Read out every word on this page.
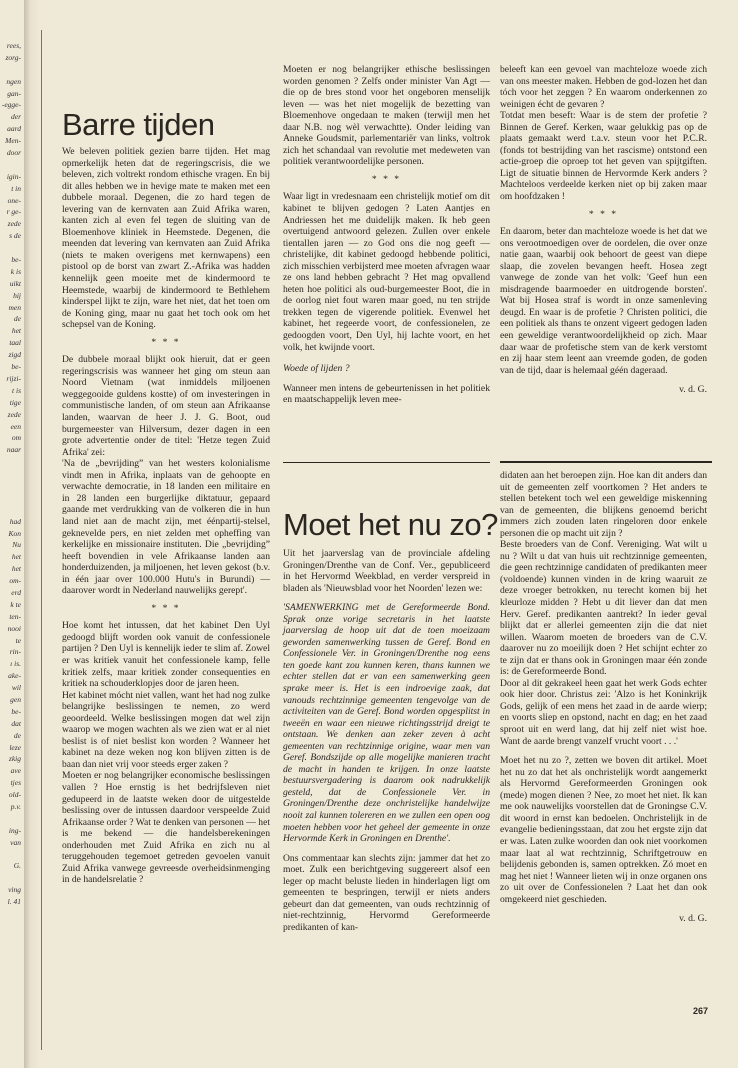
rees,
zorg-
ngen
gan-
-egge-
der
aard
Men-
door
igin-
t in
one-
r ge-
zede
s de
be-
k is
uikt
hij
men
de
het
taal
zigd
be-
rijzi-
t is
tige
zede
een
om
naar
had
Kon
Nu
het
het
om-
erd
k te
ten-
nooi
te
rin-
ı is.
ake-
wil
gen
be-
dat
de
leze
zkig
ave
tjes
old-
p.v.
ing-
van
G.
ving
l. 41
Barre tijden

We beleven politiek gezien barre tijden. Het mag opmerkelijk heten dat de regeringscrisis, die we beleven, zich voltrekt rondom ethische vragen. En bij dit alles hebben we in hevige mate te maken met een dubbele moraal. Degenen, die zo hard tegen de levering van de kernvaten aan Zuid Afrika waren, kanten zich al even fel tegen de sluiting van de Bloemenhove kliniek in Heemstede. Degenen, die meenden dat levering van kernvaten aan Zuid Afrika (niets te maken overigens met kernwapens) een pistool op de borst van zwart Z.-Afrika was hadden kennelijk geen moeite met de kindermoord te Heemstede, waarbij de kindermoord te Bethlehem kinderspel lijkt te zijn, ware het niet, dat het toen om de Koning ging, maar nu gaat het toch ook om het schepsel van de Koning.

* * *

De dubbele moraal blijkt ook hieruit, dat er geen regeringscrisis was wanneer het ging om steun aan Noord Vietnam (wat inmiddels miljoenen weggegooide guldens kostte) of om investeringen in communistische landen, of om steun aan Afrikaanse landen, waarvan de heer J. J. G. Boot, oud burgemeester van Hilversum, dezer dagen in een grote advertentie onder de titel: 'Hetze tegen Zuid Afrika' zei:

'Na de „bevrijding” van het westers kolonialisme vindt men in Afrika, inplaats van de gehoopte en verwachte democratie, in 18 landen een militaire en in 28 landen een burgerlijke diktatuur, gepaard gaande met verdrukking van de volkeren die in hun land niet aan de macht zijn, met éénpartij-stelsel, geknevelde pers, en niet zelden met opheffing van kerkelijke en missionaire instituten. Die „bevrijding” heeft bovendien in vele Afrikaanse landen aan honderduizenden, ja miljoenen, het leven gekost (b.v. in één jaar over 100.000 Hutu's in Burundi) — daarover wordt in Nederland nauwelijks gerept'.

* * *

Hoe komt het intussen, dat het kabinet Den Uyl gedoogd blijft worden ook vanuit de confessionele partijen ? Den Uyl is kennelijk ieder te slim af. Zowel er was kritiek vanuit het confessionele kamp, felle kritiek zelfs, maar kritiek zonder consequenties en kritiek na schouderklopjes door de jaren heen.

Het kabinet mócht niet vallen, want het had nog zulke belangrijke beslissingen te nemen, zo werd geoordeeld. Welke beslissingen mogen dat wel zijn waarop we mogen wachten als we zien wat er al niet beslist is of niet beslist kon worden ? Wanneer het kabinet na deze weken nog kon blijven zitten is de baan dan niet vrij voor steeds erger zaken ?

Moeten er nog belangrijker economische beslissingen vallen ? Hoe ernstig is het bedrijfsleven niet gedupeerd in de laatste weken door de uitgestelde beslissing over de intussen daardoor verspeelde Zuid Afrikaanse order ? Wat te denken van personen — het is me bekend — die handelsberekeningen onderhouden met Zuid Afrika en zich nu al teruggehouden tegemoet getreden gevoelen vanuit Zuid Afrika vanwege gevreesde overheidsinmenging in de handelsrelatie ?

Moeten er nog belangrijker ethische beslissingen worden genomen ? Zelfs onder minister Van Agt — die op de bres stond voor het ongeboren menselijk leven — was het niet mogelijk de bezetting van Bloemenhove ongedaan te maken (terwijl men het daar N.B. nog wèl verwachtte). Onder leiding van Anneke Goudsmit, parlementariër van links, voltrok zich het schandaal van revolutie met medeweten van politiek verantwoordelijke personen.

* * *

Waar ligt in vredesnaam een christelijk motief om dit kabinet te blijven gedogen ? Laten Aantjes en Andriessen het me duidelijk maken. Ik heb geen overtuigend antwoord gelezen. Zullen over enkele tientallen jaren — zo God ons die nog geeft — christelijke, dit kabinet gedoogd hebbende politici, zich misschien verbijsterd mee moeten afvragen waar ze ons land hebben gebracht ? Het mag opvallend heten hoe politici als oud-burgemeester Boot, die in de oorlog niet fout waren maar goed, nu ten strijde trekken tegen de vigerende politiek. Evenwel het kabinet, het regeerde voort, de confessionelen, ze gedoogden voort, Den Uyl, hij lachte voort, en het volk, het kwijnde voort.

Woede of lijden ?

Wanneer men intens de gebeurtenissen in het politiek en maatschappelijk leven mee-

beleeft kan een gevoel van machteloze woede zich van ons meester maken. Hebben de god-lozen het dan tóch voor het zeggen ? En waarom onderkennen zo weinigen écht de gevaren ?

Totdat men beseft: Waar is de stem der profetie ? Binnen de Geref. Kerken, waar gelukkig pas op de plaats gemaakt werd t.a.v. steun voor het P.C.R. (fonds tot bestrijding van het rascisme) ontstond een actie-groep die oproep tot het geven van spijtgiften. Ligt de situatie binnen de Hervormde Kerk anders ? Machteloos verdeelde kerken niet op bij zaken maar om hoofdzaken !

* * *

En daarom, beter dan machteloze woede is het dat we ons verootmoedigen over de oordelen, die over onze natie gaan, waarbij ook behoort de geest van diepe slaap, die zovelen bevangen heeft. Hosea zegt vanwege de zonde van het volk: 'Geef hun een misdragende baarmoeder en uitdrogende borsten'. Wat bij Hosea straf is wordt in onze samenleving deugd. En waar is de profetie ? Christen politici, die een politiek als thans te onzent vigeert gedogen laden een geweldige verantwoordelijkheid op zich. Maar daar waar de profetische stem van de kerk verstomt en zij haar stem leent aan vreemde goden, de goden van de tijd, daar is helemaal géén dageraad.

v. d. G.
Moet het nu zo?

Uit het jaarverslag van de provinciale afdeling Groningen/Drenthe van de Conf. Ver., gepubliceerd in het Hervormd Weekblad, en verder verspreid in bladen als 'Nieuwsblad voor het Noorden' lezen we:

'SAMENWERKING met de Gereformeerde Bond. Sprak onze vorige secretaris in het laatste jaarverslag de hoop uit dat de toen moeizaam geworden samenwerking tussen de Geref. Bond en Confessionele Ver. in Groningen/Drenthe nog eens ten goede kant zou kunnen keren, thans kunnen we echter stellen dat er van een samenwerking geen sprake meer is. Het is een indroevige zaak, dat vanouds rechtzinnige gemeenten tengevolge van de activiteiten van de Geref. Bond worden opgesplitst in tweeën en waar een nieuwe richtingsstrijd dreigt te ontstaan. We denken aan zeker zeven à acht gemeenten van rechtzinnige origine, waar men van Geref. Bondszijde op alle mogelijke manieren tracht de macht in handen te krijgen. In onze laatste bestuursvergadering is daarom ook nadrukkelijk gesteld, dat de Confessionele Ver. in Groningen/Drenthe deze onchristelijke handelwijze nooit zal kunnen tolereren en we zullen een open oog moeten hebben voor het geheel der gemeente in onze Hervormde Kerk in Groningen en Drenthe'.

Ons commentaar kan slechts zijn: jammer dat het zo moet. Zulk een berichtgeving suggereert alsof een leger op macht beluste lieden in hinderlagen ligt om gemeenten te bespringen, terwijl er niets anders gebeurt dan dat gemeenten, van ouds rechtzinnig of niet-rechtzinnig, Hervormd Gereformeerde predikanten of kan-

didaten aan het beroepen zijn. Hoe kan dit anders dan uit de gemeenten zelf voortkomen ? Het anders te stellen betekent toch wel een geweldige miskenning van de gemeenten, die blijkens genoemd bericht immers zich zouden laten ringeloren door enkele personen die op macht uit zijn ?

Beste broeders van de Conf. Vereniging. Wat wilt u nu ? Wilt u dat van huis uit rechtzinnige gemeenten, die geen rechtzinnige candidaten of predikanten meer (voldoende) kunnen vinden in de kring waaruit ze deze vroeger betrokken, nu terecht komen bij het kleurloze midden ? Hebt u dit liever dan dat men Herv. Geref. predikanten aantrekt? In ieder geval blijkt dat er allerlei gemeenten zijn die dat niet willen. Waarom moeten de broeders van de C.V. daarover nu zo moeilijk doen ? Het schijnt echter zo te zijn dat er thans ook in Groningen maar één zonde is: de Gereformeerde Bond.

Door al dit gekrakeel heen gaat het werk Gods echter ook hier door. Christus zei: 'Alzo is het Koninkrijk Gods, gelijk of een mens het zaad in de aarde wierp; en voorts sliep en opstond, nacht en dag; en het zaad sproot uit en werd lang, dat hij zelf niet wist hoe. Want de aarde brengt vanzelf vrucht voort . . .'

Moet het nu zo ?, zetten we boven dit artikel. Moet het nu zo dat het als onchristelijk wordt aangemerkt als Hervormd Gereformeerden Groningen ook (mede) mogen dienen ? Nee, zo moet het niet. Ik kan me ook nauwelijks voorstellen dat de Groningse C.V. dit woord in ernst kan bedoelen. Onchristelijk in de evangelie bedieningsstaan, dat zou het ergste zijn dat er was. Laten zulke woorden dan ook niet voorkomen maar laat al wat rechtzinnig, Schriftgetrouw en belijdenis gebonden is, samen optrekken. Zó moet en mag het niet ! Wanneer lieten wij in onze organen ons zo uit over de Confessionelen ? Laat het dan ook omgekeerd niet geschieden.

v. d. G.
267
